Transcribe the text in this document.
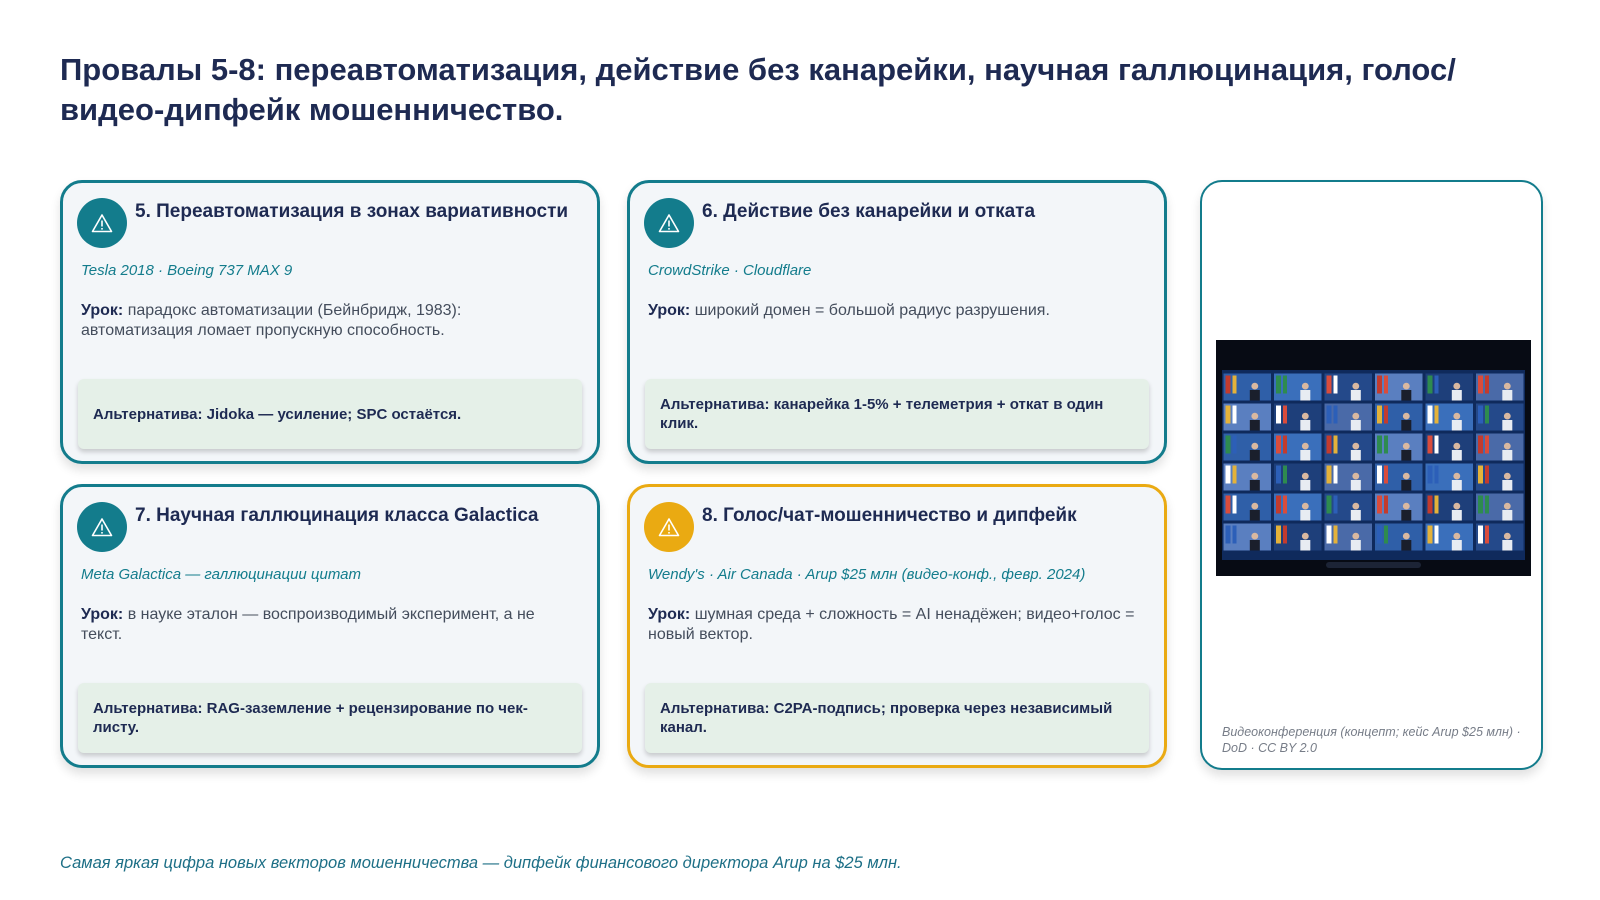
Провалы 5-8: переавтоматизация, действие без канарейки, научная галлюцинация, голос/видео-дипфейк мошенничество.
5. Переавтоматизация в зонах вариативности
Tesla 2018 · Boeing 737 MAX 9
Урок: парадокс автоматизации (Бейнбридж, 1983): автоматизация ломает пропускную способность.
Альтернатива: Jidoka — усиление; SPC остаётся.
6. Действие без канарейки и отката
CrowdStrike · Cloudflare
Урок: широкий домен = большой радиус разрушения.
Альтернатива: канарейка 1-5% + телеметрия + откат в один клик.
7. Научная галлюцинация класса Galactica
Meta Galactica — галлюцинации цитат
Урок: в науке эталон — воспроизводимый эксперимент, а не текст.
Альтернатива: RAG-заземление + рецензирование по чек-листу.
8. Голос/чат-мошенничество и дипфейк
Wendy's · Air Canada · Arup $25 млн (видео-конф., февр. 2024)
Урок: шумная среда + сложность = AI ненадёжен; видео+голос = новый вектор.
Альтернатива: C2PA-подпись; проверка через независимый канал.	Видеоконференция (концепт; кейс Arup $25 млн) · DoD · CC BY 2.0
Самая яркая цифра новых векторов мошенничества — дипфейк финансового директора Arup на $25 млн.
